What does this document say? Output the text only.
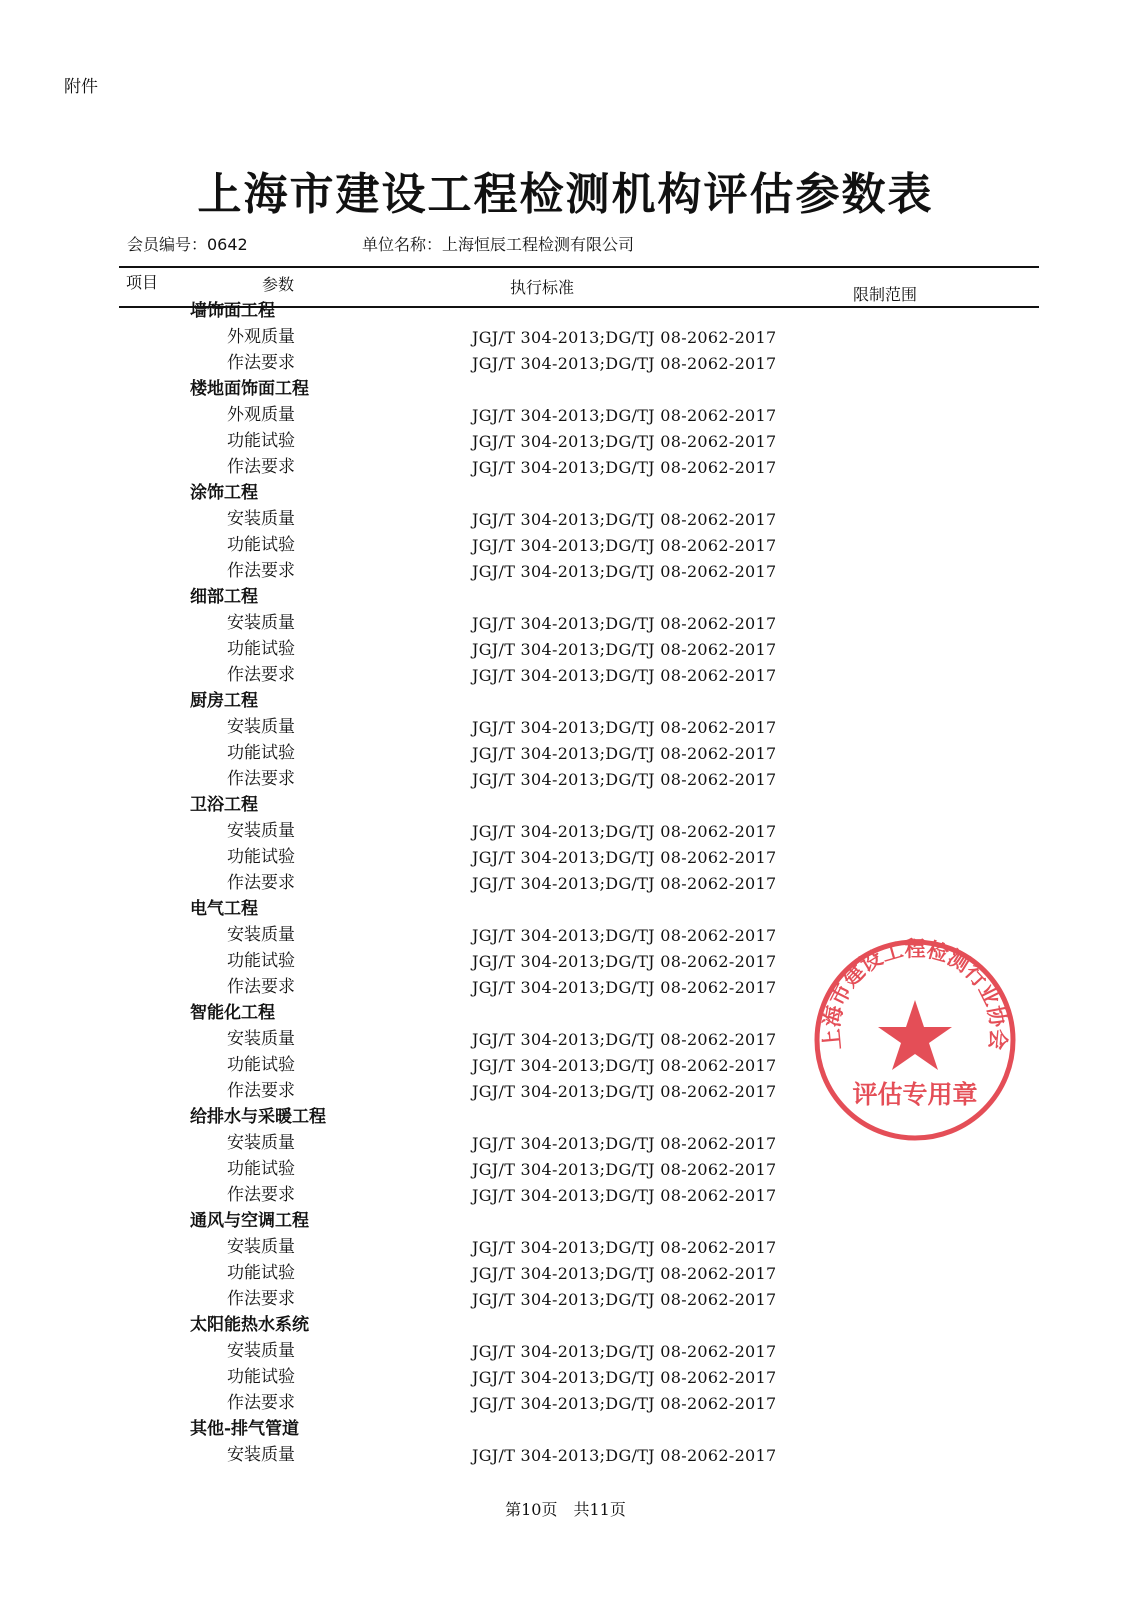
附件
上海市建设工程检测机构评估参数表
会员编号：0642	单位名称：上海恒辰工程检测有限公司
项目	参数	执行标准	限制范围
墙饰面工程
外观质量	JGJ/T 304-2013;DG/TJ 08-2062-2017
作法要求	JGJ/T 304-2013;DG/TJ 08-2062-2017
楼地面饰面工程
外观质量	JGJ/T 304-2013;DG/TJ 08-2062-2017
功能试验	JGJ/T 304-2013;DG/TJ 08-2062-2017
作法要求	JGJ/T 304-2013;DG/TJ 08-2062-2017
涂饰工程
安装质量	JGJ/T 304-2013;DG/TJ 08-2062-2017
功能试验	JGJ/T 304-2013;DG/TJ 08-2062-2017
作法要求	JGJ/T 304-2013;DG/TJ 08-2062-2017
细部工程
安装质量	JGJ/T 304-2013;DG/TJ 08-2062-2017
功能试验	JGJ/T 304-2013;DG/TJ 08-2062-2017
作法要求	JGJ/T 304-2013;DG/TJ 08-2062-2017
厨房工程
安装质量	JGJ/T 304-2013;DG/TJ 08-2062-2017
功能试验	JGJ/T 304-2013;DG/TJ 08-2062-2017
作法要求	JGJ/T 304-2013;DG/TJ 08-2062-2017
卫浴工程
安装质量	JGJ/T 304-2013;DG/TJ 08-2062-2017
功能试验	JGJ/T 304-2013;DG/TJ 08-2062-2017
作法要求	JGJ/T 304-2013;DG/TJ 08-2062-2017
电气工程
安装质量	JGJ/T 304-2013;DG/TJ 08-2062-2017
功能试验	JGJ/T 304-2013;DG/TJ 08-2062-2017
作法要求	JGJ/T 304-2013;DG/TJ 08-2062-2017
智能化工程
安装质量	JGJ/T 304-2013;DG/TJ 08-2062-2017
功能试验	JGJ/T 304-2013;DG/TJ 08-2062-2017
作法要求	JGJ/T 304-2013;DG/TJ 08-2062-2017
给排水与采暖工程
安装质量	JGJ/T 304-2013;DG/TJ 08-2062-2017
功能试验	JGJ/T 304-2013;DG/TJ 08-2062-2017
作法要求	JGJ/T 304-2013;DG/TJ 08-2062-2017
通风与空调工程
安装质量	JGJ/T 304-2013;DG/TJ 08-2062-2017
功能试验	JGJ/T 304-2013;DG/TJ 08-2062-2017
作法要求	JGJ/T 304-2013;DG/TJ 08-2062-2017
太阳能热水系统
安装质量	JGJ/T 304-2013;DG/TJ 08-2062-2017
功能试验	JGJ/T 304-2013;DG/TJ 08-2062-2017
作法要求	JGJ/T 304-2013;DG/TJ 08-2062-2017
其他-排气管道
安装质量	JGJ/T 304-2013;DG/TJ 08-2062-2017
上海市建设工程检测行业协会
评估专用章
第10页　共11页
